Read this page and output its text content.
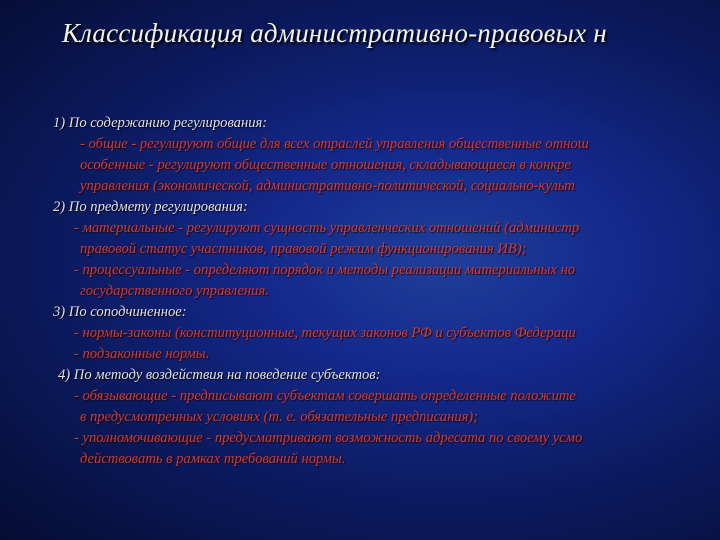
Классификация административно-правовых н
1) По содержанию регулирования:
- общие - регулируют общие для всех отраслей управления общественные отнош
особенные - регулируют общественные отношения, складывающиеся в конкре
управления (экономической, административно-политической, социально-культ
2) По предмету регулирования:
- материальные - регулируют сущность управленческих отношений (администр
правовой статус участников, правовой режим функционирования ИВ);
- процессуальные - определяют порядок и методы реализации материальных но
государственного управления.
3) По соподчиненное:
- нормы-законы (конституционные, текущих законов РФ и субъектов Федераци
- подзаконные нормы.
4) По методу воздействия на поведение субъектов:
- обязывающие - предписывают субъектам совершать определенные положите
в предусмотренных условиях (т. е. обязательные предписания);
- уполномочивающие - предусматривают возможность адресата по своему усмо
действовать в рамках требований нормы.
